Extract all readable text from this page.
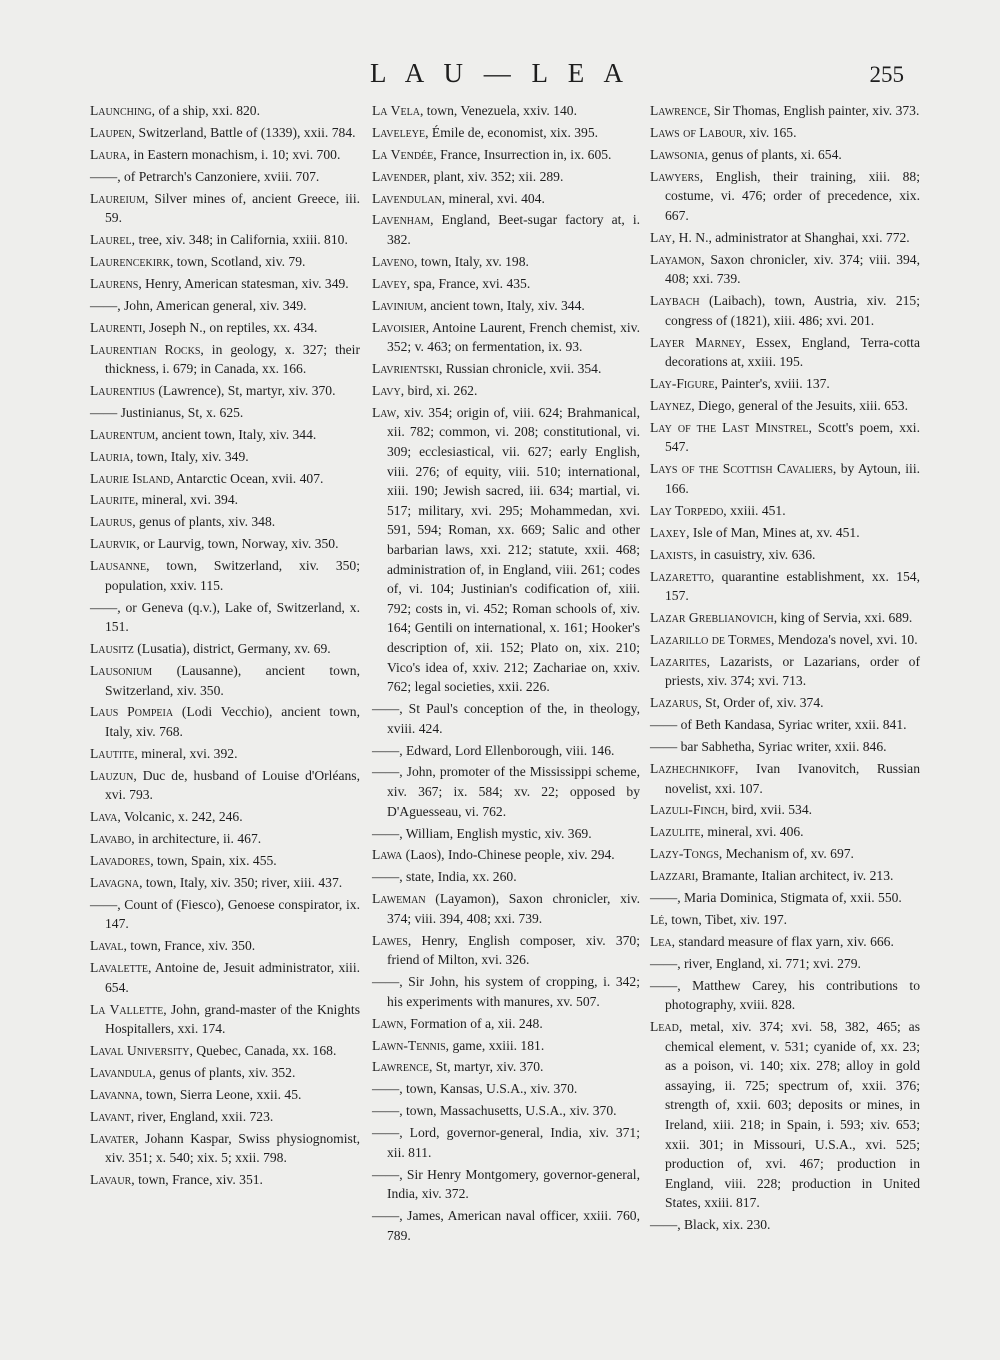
L A U — L E A	255

Launching, of a ship, xxi. 820.

Laupen, Switzerland, Battle of (1339), xxii. 784.

Laura, in Eastern monachism, i. 10; xvi. 700.

——, of Petrarch's Canzoniere, xviii. 707.

Laureium, Silver mines of, ancient Greece, iii. 59.

Laurel, tree, xiv. 348; in California, xxiii. 810.

Laurencekirk, town, Scotland, xiv. 79.

Laurens, Henry, American statesman, xiv. 349.

——, John, American general, xiv. 349.

Laurenti, Joseph N., on reptiles, xx. 434.

Laurentian Rocks, in geology, x. 327; their thickness, i. 679; in Canada, xx. 166.

Laurentius (Lawrence), St, martyr, xiv. 370.

—— Justinianus, St, x. 625.

Laurentum, ancient town, Italy, xiv. 344.

Lauria, town, Italy, xiv. 349.

Laurie Island, Antarctic Ocean, xvii. 407.

Laurite, mineral, xvi. 394.

Laurus, genus of plants, xiv. 348.

Laurvik, or Laurvig, town, Norway, xiv. 350.

Lausanne, town, Switzerland, xiv. 350; population, xxiv. 115.

——, or Geneva (q.v.), Lake of, Switzerland, x. 151.

Lausitz (Lusatia), district, Germany, xv. 69.

Lausonium (Lausanne), ancient town, Switzerland, xiv. 350.

Laus Pompeia (Lodi Vecchio), ancient town, Italy, xiv. 768.

Lautite, mineral, xvi. 392.

Lauzun, Duc de, husband of Louise d'Orléans, xvi. 793.

Lava, Volcanic, x. 242, 246.

Lavabo, in architecture, ii. 467.

Lavadores, town, Spain, xix. 455.

Lavagna, town, Italy, xiv. 350; river, xiii. 437.

——, Count of (Fiesco), Genoese conspirator, ix. 147.

Laval, town, France, xiv. 350.

Lavalette, Antoine de, Jesuit administrator, xiii. 654.

La Vallette, John, grand-master of the Knights Hospitallers, xxi. 174.

Laval University, Quebec, Canada, xx. 168.

Lavandula, genus of plants, xiv. 352.

Lavanna, town, Sierra Leone, xxii. 45.

Lavant, river, England, xxii. 723.

Lavater, Johann Kaspar, Swiss physiognomist, xiv. 351; x. 540; xix. 5; xxii. 798.

Lavaur, town, France, xiv. 351.

La Vela, town, Venezuela, xxiv. 140.

Laveleye, Émile de, economist, xix. 395.

La Vendée, France, Insurrection in, ix. 605.

Lavender, plant, xiv. 352; xii. 289.

Lavendulan, mineral, xvi. 404.

Lavenham, England, Beet-sugar factory at, i. 382.

Laveno, town, Italy, xv. 198.

Lavey, spa, France, xvi. 435.

Lavinium, ancient town, Italy, xiv. 344.

Lavoisier, Antoine Laurent, French chemist, xiv. 352; v. 463; on fermentation, ix. 93.

Lavrientski, Russian chronicle, xvii. 354.

Lavy, bird, xi. 262.

Law, xiv. 354; origin of, viii. 624; Brahmanical, xii. 782; common, vi. 208; constitutional, vi. 309; ecclesiastical, vii. 627; early English, viii. 276; of equity, viii. 510; international, xiii. 190; Jewish sacred, iii. 634; martial, vi. 517; military, xvi. 295; Mohammedan, xvi. 591, 594; Roman, xx. 669; Salic and other barbarian laws, xxi. 212; statute, xxii. 468; administration of, in England, viii. 261; codes of, vi. 104; Justinian's codification of, xiii. 792; costs in, vi. 452; Roman schools of, xiv. 164; Gentili on international, x. 161; Hooker's description of, xii. 152; Plato on, xix. 210; Vico's idea of, xxiv. 212; Zachariae on, xxiv. 762; legal societies, xxii. 226.

——, St Paul's conception of the, in theology, xviii. 424.

——, Edward, Lord Ellenborough, viii. 146.

——, John, promoter of the Mississippi scheme, xiv. 367; ix. 584; xv. 22; opposed by D'Aguesseau, vi. 762.

——, William, English mystic, xiv. 369.

Lawa (Laos), Indo-Chinese people, xiv. 294.

——, state, India, xx. 260.

Laweman (Layamon), Saxon chronicler, xiv. 374; viii. 394, 408; xxi. 739.

Lawes, Henry, English composer, xiv. 370; friend of Milton, xvi. 326.

——, Sir John, his system of cropping, i. 342; his experiments with manures, xv. 507.

Lawn, Formation of a, xii. 248.

Lawn-Tennis, game, xxiii. 181.

Lawrence, St, martyr, xiv. 370.

——, town, Kansas, U.S.A., xiv. 370.

——, town, Massachusetts, U.S.A., xiv. 370.

——, Lord, governor-general, India, xiv. 371; xii. 811.

——, Sir Henry Montgomery, governor-general, India, xiv. 372.

——, James, American naval officer, xxiii. 760, 789.

Lawrence, Sir Thomas, English painter, xiv. 373.

Laws of Labour, xiv. 165.

Lawsonia, genus of plants, xi. 654.

Lawyers, English, their training, xiii. 88; costume, vi. 476; order of precedence, xix. 667.

Lay, H. N., administrator at Shanghai, xxi. 772.

Layamon, Saxon chronicler, xiv. 374; viii. 394, 408; xxi. 739.

Laybach (Laibach), town, Austria, xiv. 215; congress of (1821), xiii. 486; xvi. 201.

Layer Marney, Essex, England, Terra-cotta decorations at, xxiii. 195.

Lay-Figure, Painter's, xviii. 137.

Laynez, Diego, general of the Jesuits, xiii. 653.

Lay of the Last Minstrel, Scott's poem, xxi. 547.

Lays of the Scottish Cavaliers, by Aytoun, iii. 166.

Lay Torpedo, xxiii. 451.

Laxey, Isle of Man, Mines at, xv. 451.

Laxists, in casuistry, xiv. 636.

Lazaretto, quarantine establishment, xx. 154, 157.

Lazar Greblianovich, king of Servia, xxi. 689.

Lazarillo de Tormes, Mendoza's novel, xvi. 10.

Lazarites, Lazarists, or Lazarians, order of priests, xiv. 374; xvi. 713.

Lazarus, St, Order of, xiv. 374.

—— of Beth Kandasa, Syriac writer, xxii. 841.

—— bar Sabhetha, Syriac writer, xxii. 846.

Lazhechnikoff, Ivan Ivanovitch, Russian novelist, xxi. 107.

Lazuli-Finch, bird, xvii. 534.

Lazulite, mineral, xvi. 406.

Lazy-Tongs, Mechanism of, xv. 697.

Lazzari, Bramante, Italian architect, iv. 213.

——, Maria Dominica, Stigmata of, xxii. 550.

Lé, town, Tibet, xiv. 197.

Lea, standard measure of flax yarn, xiv. 666.

——, river, England, xi. 771; xvi. 279.

——, Matthew Carey, his contributions to photography, xviii. 828.

Lead, metal, xiv. 374; xvi. 58, 382, 465; as chemical element, v. 531; cyanide of, xx. 23; as a poison, vi. 140; xix. 278; alloy in gold assaying, ii. 725; spectrum of, xxii. 376; strength of, xxii. 603; deposits or mines, in Ireland, xiii. 218; in Spain, i. 593; xiv. 653; xxii. 301; in Missouri, U.S.A., xvi. 525; production of, xvi. 467; production in England, viii. 228; production in United States, xxiii. 817.

——, Black, xix. 230.
